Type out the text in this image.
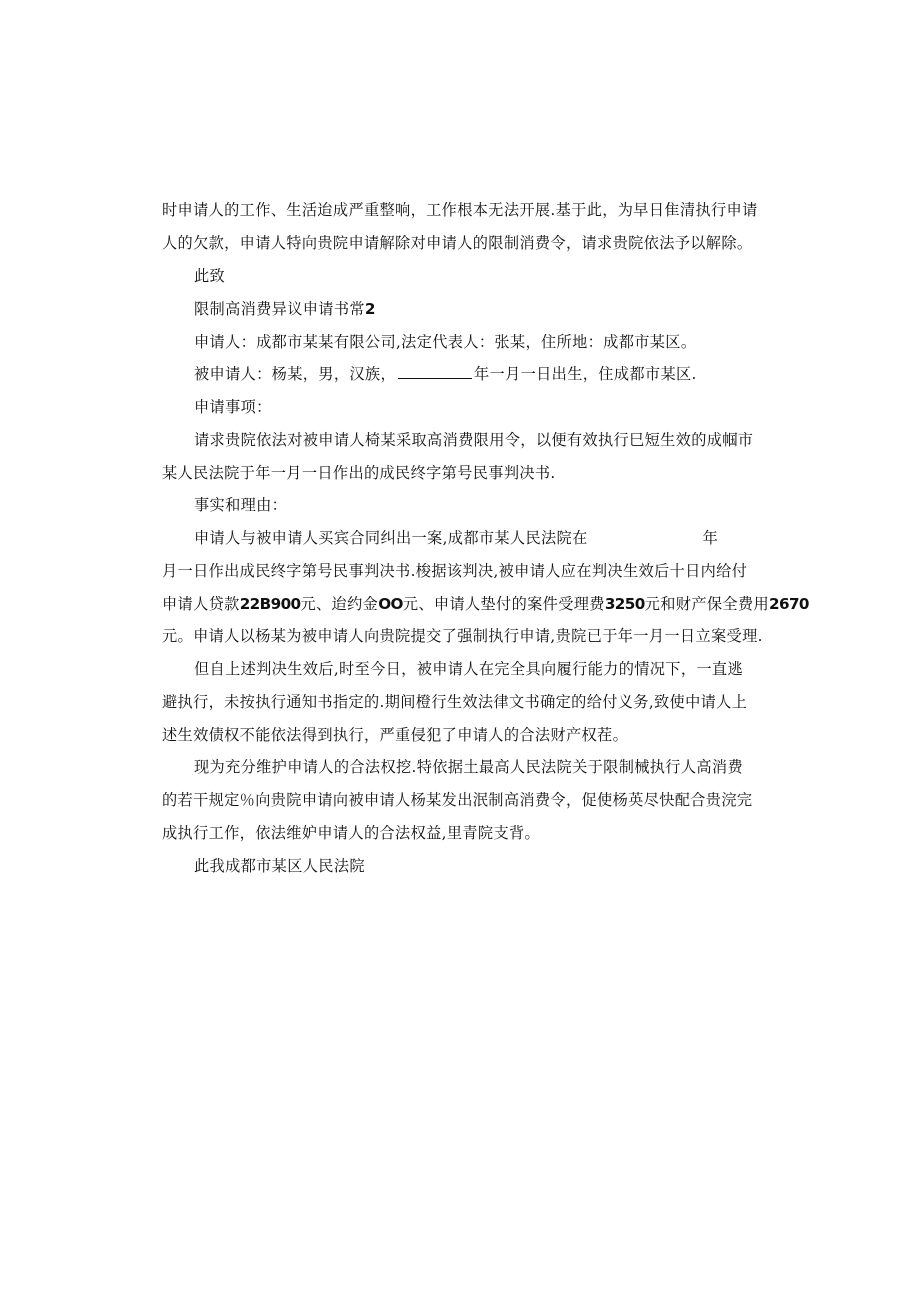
时申请人的工作、生活迨成严重整响，工作根本无法开展.基于此，为早日隹清执行申请
人的欠款，申请人特向贵院申请解除对申请人的限制消费令，请求贵院依法予以解除。
此致
限制高消费异议申请书常2
申请人：成都市某某有限公司,法定代表人：张某，住所地：成都市某区。
被申请人：杨某，男，汉族，	年一月一日出生，住成都市某区.
申请事项：
请求贵院依法对被申请人椅某采取高消费限用令，以便有效执行巳短生效的成帼市
某人民法院于年一月一日作出的成民终字第号民事判决书.
事实和理由：
申请人与被申请人买宾合同纠出一案,成都市某人民法院在	年
月一日作出成民终字第号民事判决书.梭据该判决,被申请人应在判决生效后十日内给付
申请人贷款22B900元、迨约金OO元、申请人垫付的案件受理费3250元和财产保全费用2670
元。申请人以杨某为被申请人向贵院提交了强制执行申请,贵院已于年一月一日立案受理.
但自上述判决生效后,时至今日，被申请人在完全具向履行能力的情况下，一直逃
避执行，未按执行通知书指定的.期间橙行生效法律文书确定的给付义务,致使中请人上
述生效债权不能依法得到执行，严重侵犯了申请人的合法财产权茬。
现为充分维护申请人的合法权挖.特依据土最高人民法院关于限制械执行人高消费
的若干规定％向贵院申请向被申请人杨某发出泯制高消费令，促使杨英尽快配合贵浣完
成执行工作，依法维妒申请人的合法权益,里青院支背。
此我成都市某区人民法院
